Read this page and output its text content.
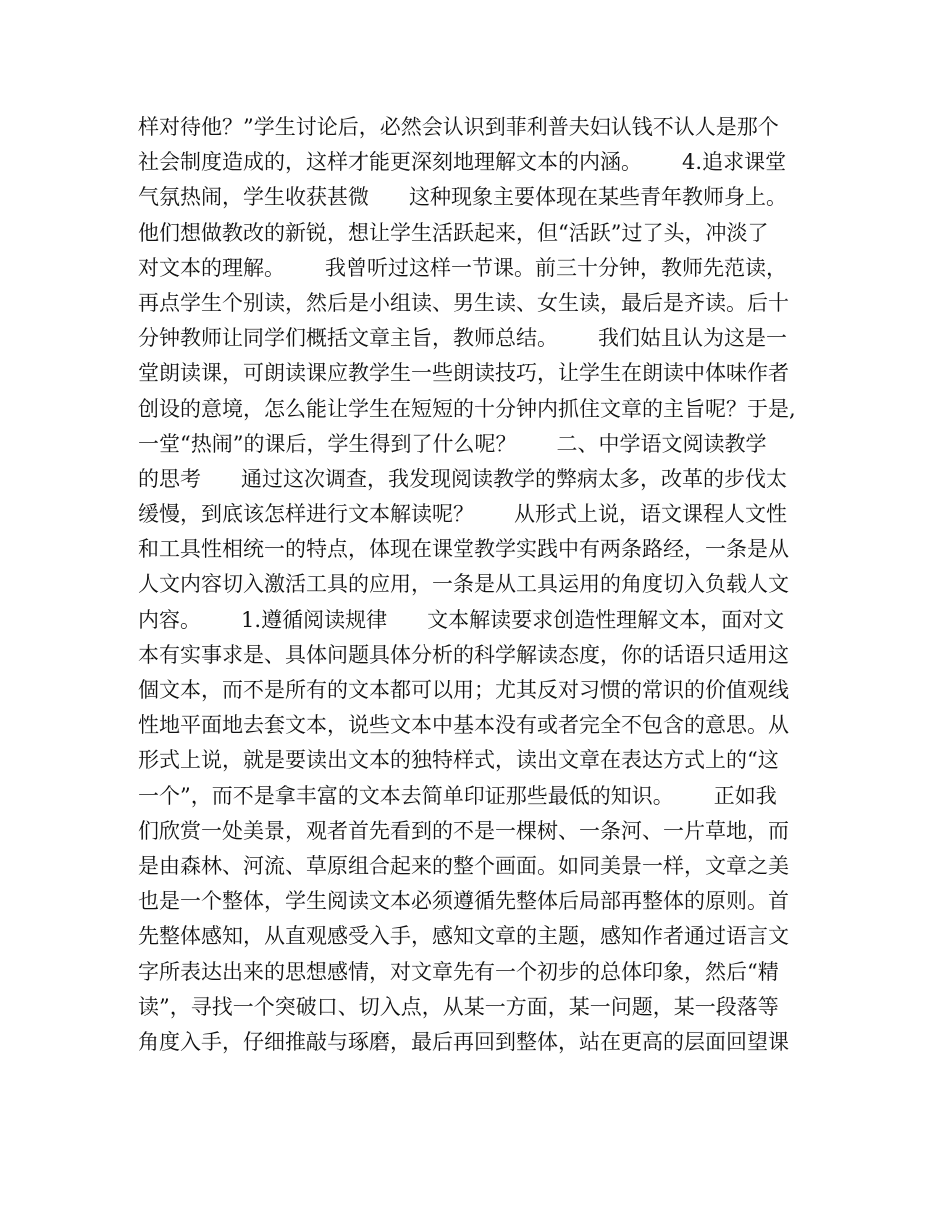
样对待他？”学生讨论后，必然会认识到菲利普夫妇认钱不认人是那个
社会制度造成的，这样才能更深刻地理解文本的内涵。      4.追求课堂
气氛热闹，学生收获甚微      这种现象主要体现在某些青年教师身上。
他们想做教改的新锐，想让学生活跃起来，但“活跃”过了头，冲淡了
对文本的理解。      我曾听过这样一节课。前三十分钟，教师先范读，
再点学生个别读，然后是小组读、男生读、女生读，最后是齐读。后十
分钟教师让同学们概括文章主旨，教师总结。      我们姑且认为这是一
堂朗读课，可朗读课应教学生一些朗读技巧，让学生在朗读中体味作者
创设的意境，怎么能让学生在短短的十分钟内抓住文章的主旨呢？于是,
一堂“热闹”的课后，学生得到了什么呢？      二、中学语文阅读教学
的思考      通过这次调查，我发现阅读教学的弊病太多，改革的步伐太
缓慢，到底该怎样进行文本解读呢？      从形式上说，语文课程人文性
和工具性相统一的特点，体现在课堂教学实践中有两条路经，一条是从
人文内容切入激活工具的应用，一条是从工具运用的角度切入负载人文
内容。      1.遵循阅读规律      文本解读要求创造性理解文本，面对文
本有实事求是、具体问题具体分析的科学解读态度，你的话语只适用这
個文本，而不是所有的文本都可以用；尤其反对习惯的常识的价值观线
性地平面地去套文本，说些文本中基本没有或者完全不包含的意思。从
形式上说，就是要读出文本的独特样式，读出文章在表达方式上的“这
一个”，而不是拿丰富的文本去简单印证那些最低的知识。      正如我
们欣赏一处美景，观者首先看到的不是一棵树、一条河、一片草地，而
是由森林、河流、草原组合起来的整个画面。如同美景一样，文章之美
也是一个整体，学生阅读文本必须遵循先整体后局部再整体的原则。首
先整体感知，从直观感受入手，感知文章的主题，感知作者通过语言文
字所表达出来的思想感情，对文章先有一个初步的总体印象，然后“精
读”，寻找一个突破口、切入点，从某一方面，某一问题，某一段落等
角度入手，仔细推敲与琢磨，最后再回到整体，站在更高的层面回望课
